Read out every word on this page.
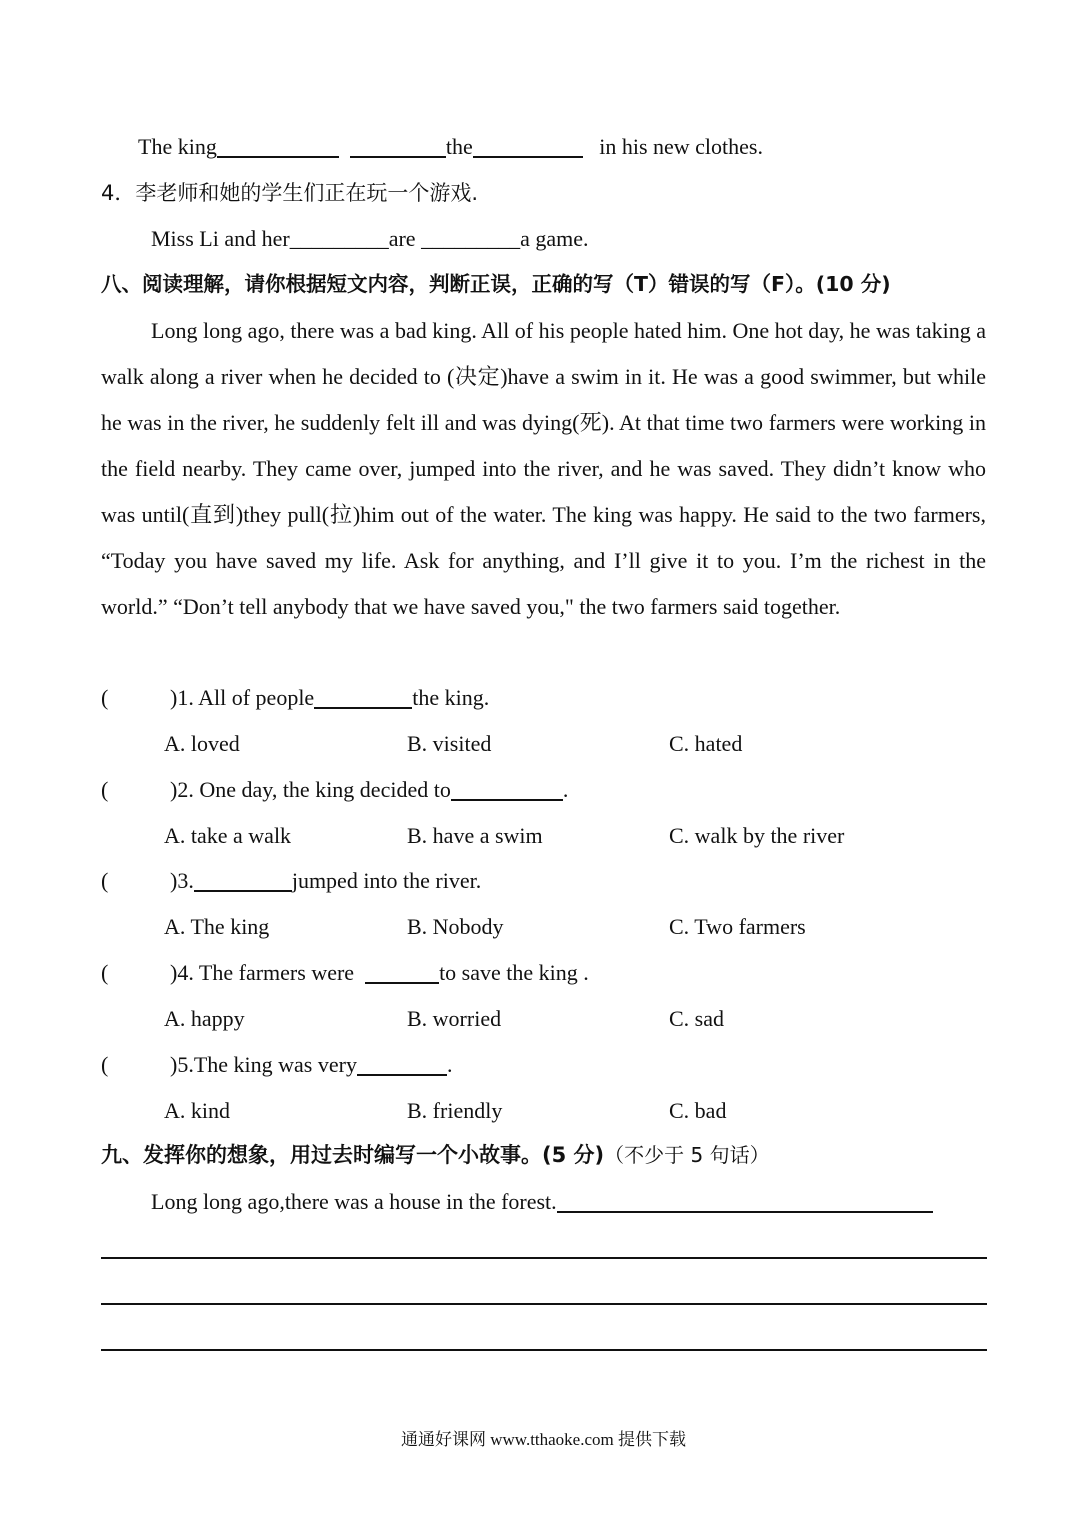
The king	the	in his new clothes.
4．李老师和她的学生们正在玩一个游戏.
Miss Li and her_________are _________a game.
八、阅读理解，请你根据短文内容，判断正误，正确的写（T）错误的写（F）。(10 分)
Long long ago, there was a bad king. All of his people hated him. One hot day, he was taking a walk along a river when he decided to (决定)have a swim in it. He was a good swimmer, but while he was in the river, he suddenly felt ill and was dying(死). At that time two farmers were working in the field nearby. They came over, jumped into the river, and he was saved. They didn’t know who was until(直到)they pull(拉)him out of the water. The king was happy. He said to the two farmers, “Today you have saved my life. Ask for anything, and I’ll give it to you. I’m the richest in the world.” “Don’t tell anybody that we have saved you," the two farmers said together.
(	)1. All of people	the king.
A. loved	B. visited	C. hated
(	)2. One day, the king decided to	.
A. take a walk	B. have a swim	C. walk by the river
(	)3.	jumped into the river.
A. The king	B. Nobody	C. Two farmers
(	)4. The farmers were	to save the king .
A. happy	B. worried	C. sad
(	)5.The king was very	.
A. kind	B. friendly	C. bad
九、发挥你的想象，用过去时编写一个小故事。(5 分)（不少于 5 句话）
Long long ago,there was a house in the forest.
通通好课网 www.tthaoke.com 提供下载
